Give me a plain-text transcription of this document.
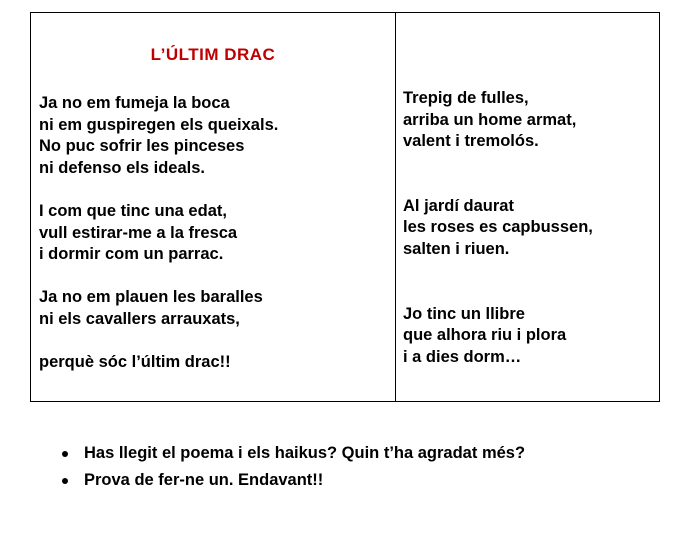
L’ÚLTIM DRAC
Ja no em fumeja la boca
ni em guspiregen els queixals.
No puc sofrir les pinceses
ni defenso els ideals.
I com que tinc una edat,
vull estirar-me a la fresca
i dormir com un parrac.
Ja no em plauen les baralles
ni els cavallers arrauxats,
perquè sóc l’últim drac!!
Trepig de fulles,
arriba un home armat,
valent i tremolós.
Al jardí daurat
les roses es capbussen,
salten i riuen.
Jo tinc un llibre
que alhora riu i plora
i a dies dorm…
Has llegit el poema i els haikus? Quin t’ha agradat més?
Prova de fer-ne un. Endavant!!
